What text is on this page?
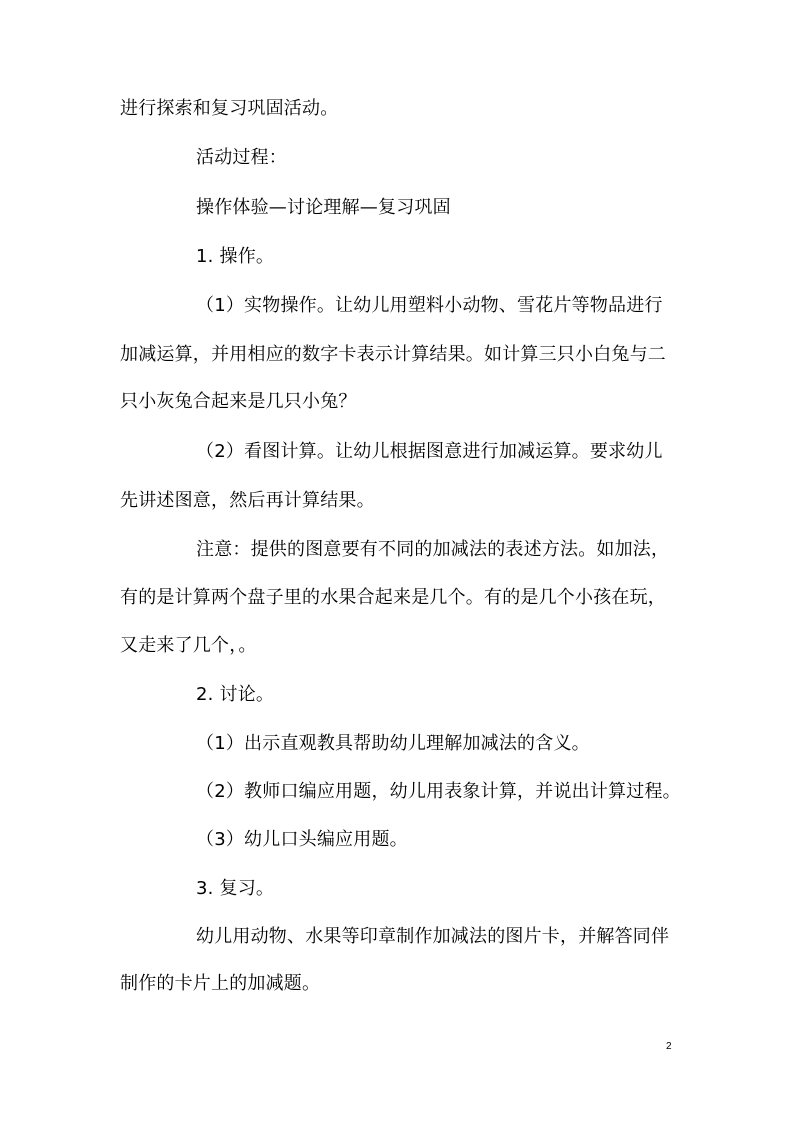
进行探索和复习巩固活动。
活动过程：
操作体验—讨论理解—复习巩固
1. 操作。
（1）实物操作。让幼儿用塑料小动物、雪花片等物品进行
加减运算，并用相应的数字卡表示计算结果。如计算三只小白兔与二
只小灰兔合起来是几只小兔？
（2）看图计算。让幼儿根据图意进行加减运算。要求幼儿
先讲述图意，然后再计算结果。
注意：提供的图意要有不同的加减法的表述方法。如加法，
有的是计算两个盘子里的水果合起来是几个。有的是几个小孩在玩，
又走来了几个，。
2. 讨论。
（1）出示直观教具帮助幼儿理解加减法的含义。
（2）教师口编应用题，幼儿用表象计算，并说出计算过程。
（3）幼儿口头编应用题。
3. 复习。
幼儿用动物、水果等印章制作加减法的图片卡，并解答同伴
制作的卡片上的加减题。
2
